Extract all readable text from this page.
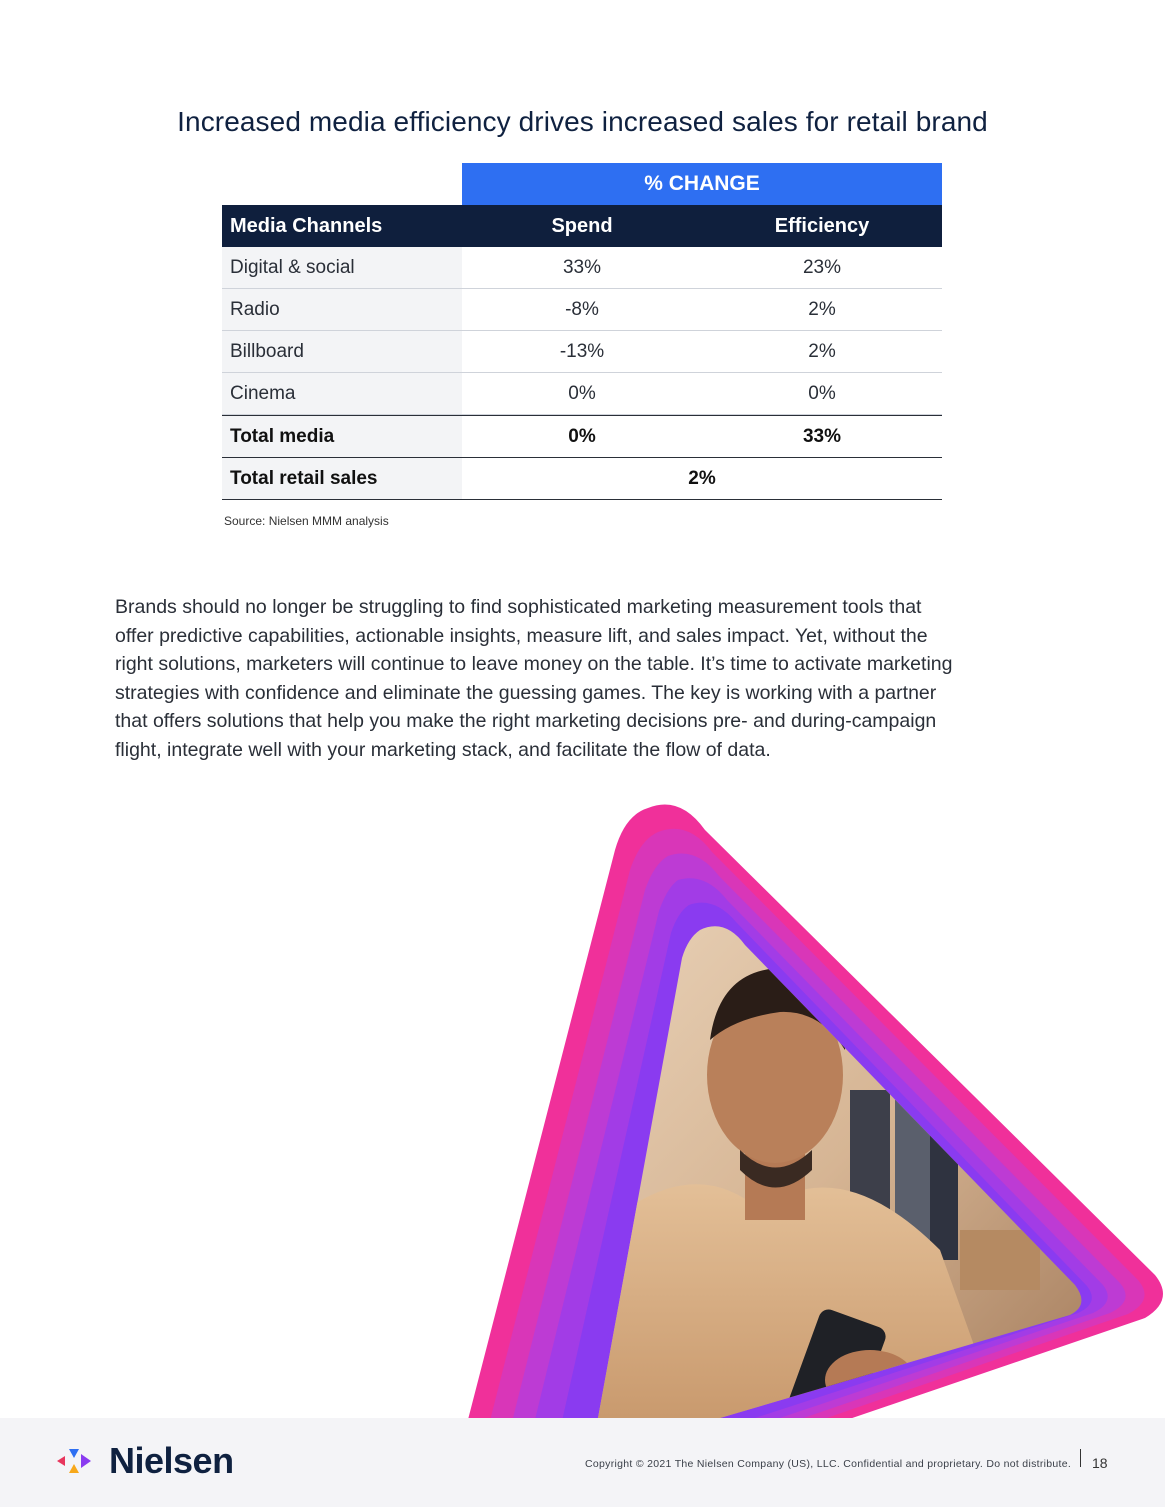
Increased media efficiency drives increased sales for retail brand
% CHANGE
Media Channels	Spend	Efficiency
Digital & social	33%	23%
Radio	-8%	2%
Billboard	-13%	2%
Cinema	0%	0%
Total media	0%	33%
Total retail sales	2%
Source: Nielsen MMM analysis
Brands should no longer be struggling to find sophisticated marketing measurement tools that
offer predictive capabilities, actionable insights, measure lift, and sales impact. Yet, without the
right solutions, marketers will continue to leave money on the table. It’s time to activate marketing
strategies with confidence and eliminate the guessing games. The key is working with a partner
that offers solutions that help you make the right marketing decisions pre- and during-campaign
flight, integrate well with your marketing stack, and facilitate the flow of data.
Nielsen	Copyright © 2021 The Nielsen Company (US), LLC. Confidential and proprietary. Do not distribute. 18
